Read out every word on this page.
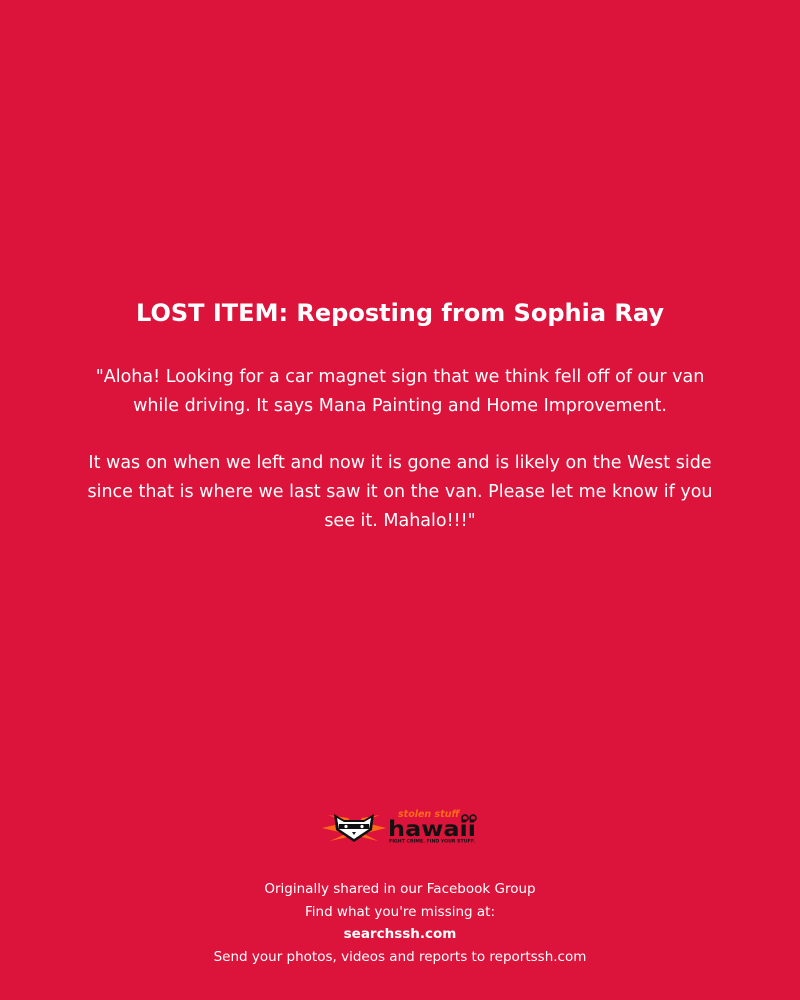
LOST ITEM: Reposting from Sophia Ray

"Aloha! Looking for a car magnet sign that we think fell off of our van while driving. It says Mana Painting and Home Improvement.

It was on when we left and now it is gone and is likely on the West side since that is where we last saw it on the van. Please let me know if you see it. Mahalo!!!"

stolen stuff
hawaii
FIGHT CRIME. FIND YOUR STUFF.
Originally shared in our Facebook Group
Find what you're missing at:
searchssh.com
Send your photos, videos and reports to reportssh.com
